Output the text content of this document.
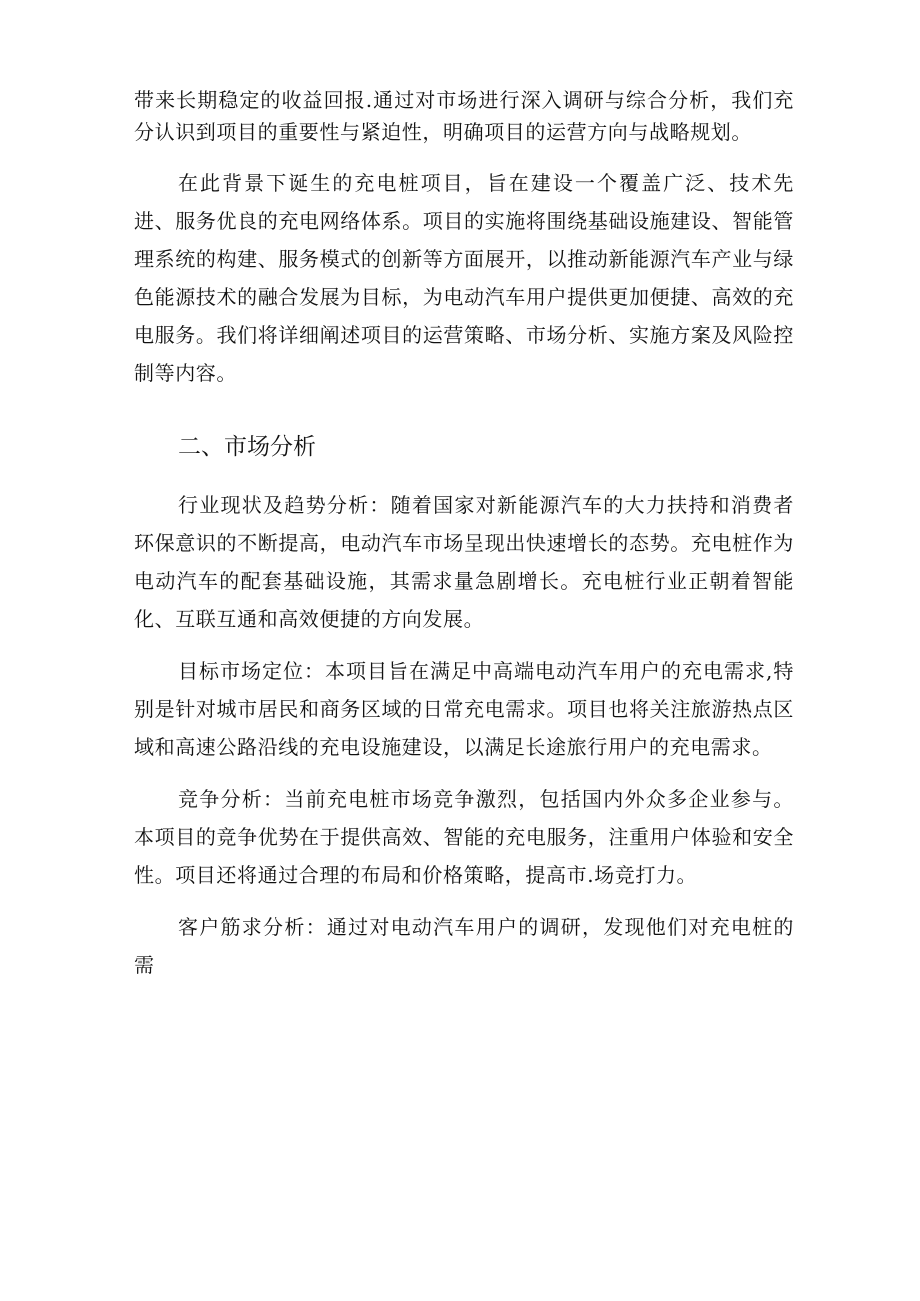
带来长期稳定的收益回报.通过对市场进行深入调研与综合分析，我们充分认识到项目的重要性与紧迫性，明确项目的运营方向与战略规划。

在此背景下诞生的充电桩项目，旨在建设一个覆盖广泛、技术先进、服务优良的充电网络体系。项目的实施将围绕基础设施建设、智能管理系统的构建、服务模式的创新等方面展开，以推动新能源汽车产业与绿色能源技术的融合发展为目标，为电动汽车用户提供更加便捷、高效的充电服务。我们将详细阐述项目的运营策略、市场分析、实施方案及风险控制等内容。

二、市场分析

行业现状及趋势分析：随着国家对新能源汽车的大力扶持和消费者环保意识的不断提高，电动汽车市场呈现出快速增长的态势。充电桩作为电动汽车的配套基础设施，其需求量急剧增长。充电桩行业正朝着智能化、互联互通和高效便捷的方向发展。

目标市场定位：本项目旨在满足中高端电动汽车用户的充电需求,特别是针对城市居民和商务区域的日常充电需求。项目也将关注旅游热点区域和高速公路沿线的充电设施建设，以满足长途旅行用户的充电需求。

竞争分析：当前充电桩市场竞争激烈，包括国内外众多企业参与。本项目的竞争优势在于提供高效、智能的充电服务，注重用户体验和安全性。项目还将通过合理的布局和价格策略，提高市.场竞打力。

客户筋求分析：通过对电动汽车用户的调研，发现他们对充电桩的需
